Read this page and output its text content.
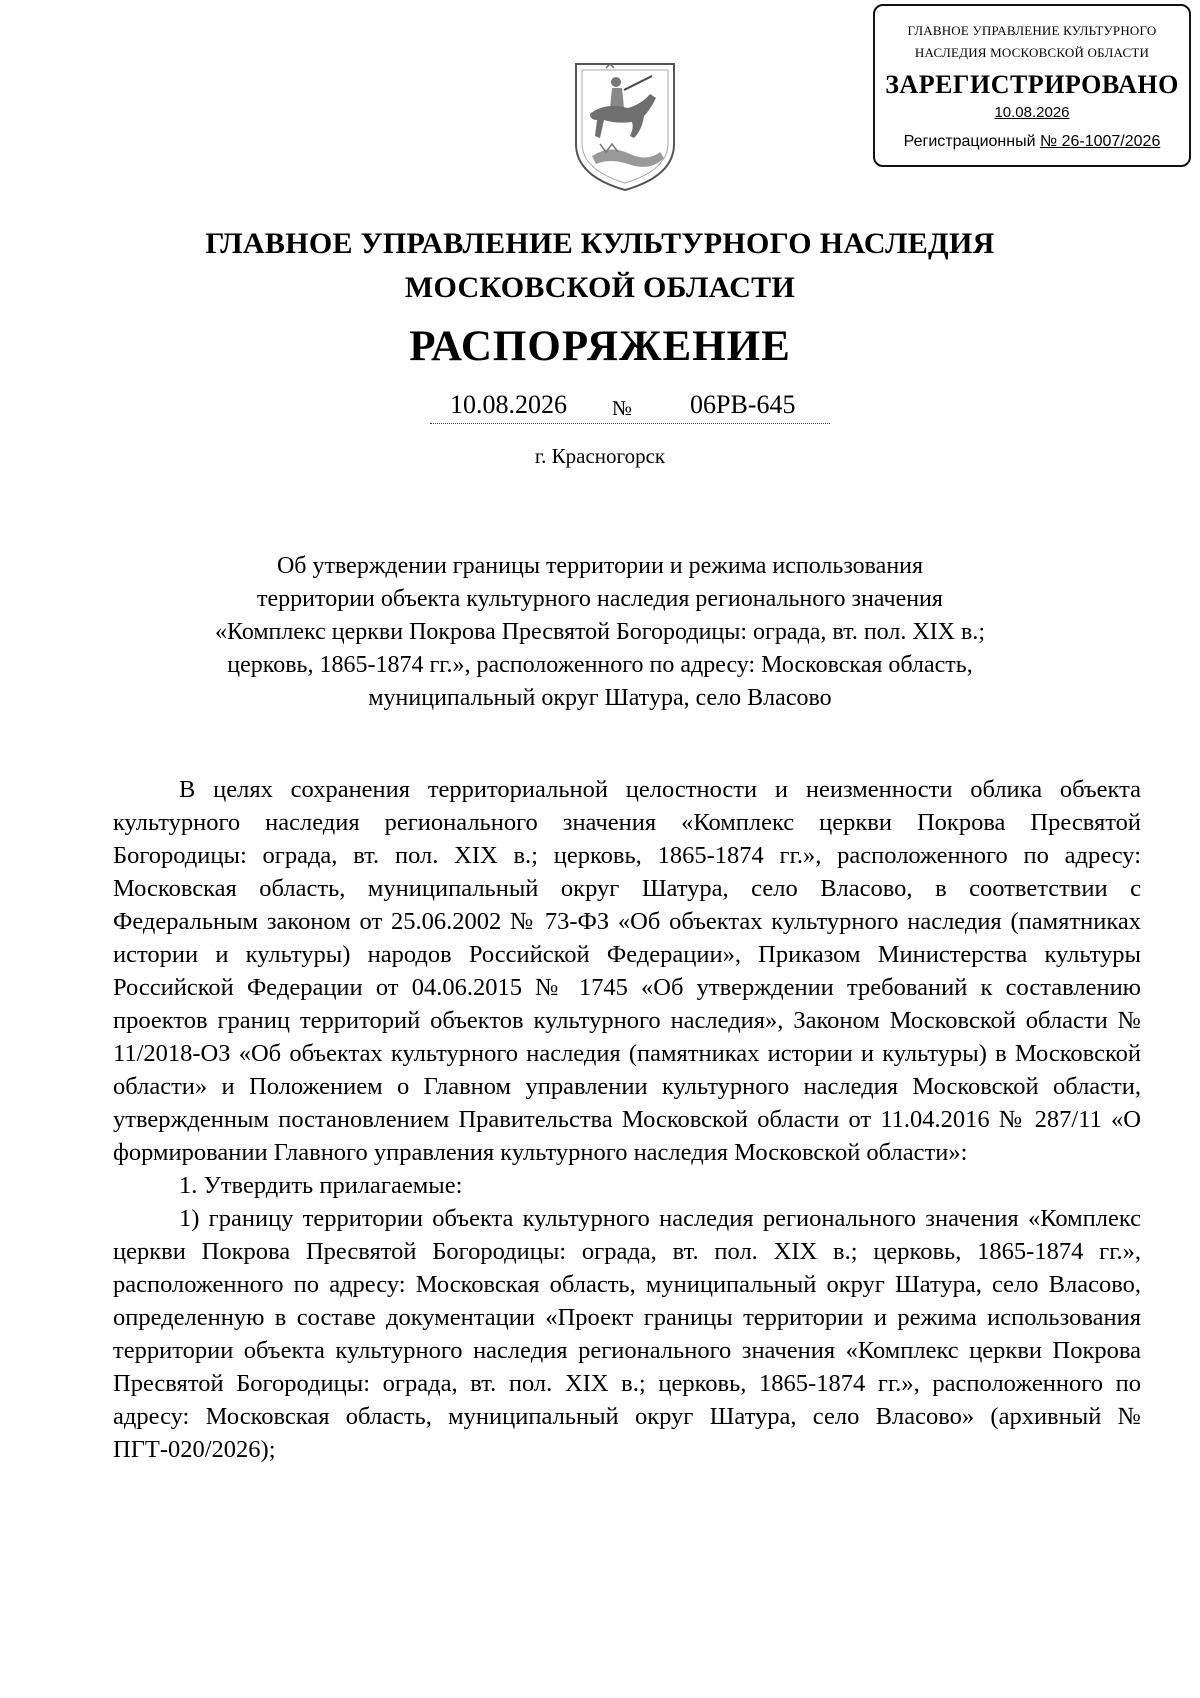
ГЛАВНОЕ УПРАВЛЕНИЕ КУЛЬТУРНОГО
НАСЛЕДИЯ МОСКОВСКОЙ ОБЛАСТИ
ЗАРЕГИСТРИРОВАНО
10.08.2026
Регистрационный № 26-1007/2026
ГЛАВНОЕ УПРАВЛЕНИЕ КУЛЬТУРНОГО НАСЛЕДИЯ
МОСКОВСКОЙ ОБЛАСТИ
РАСПОРЯЖЕНИЕ
10.08.2026 № 06РВ-645
г. Красногорск
Об утверждении границы территории и режима использования
территории объекта культурного наследия регионального значения
«Комплекс церкви Покрова Пресвятой Богородицы: ограда, вт. пол. XIX в.;
церковь, 1865-1874 гг.», расположенного по адресу: Московская область,
муниципальный округ Шатура, село Власово

В целях сохранения территориальной целостности и неизменности облика объекта культурного наследия регионального значения «Комплекс церкви Покрова Пресвятой Богородицы: ограда, вт. пол. XIX в.; церковь, 1865-1874 гг.», расположенного по адресу: Московская область, муниципальный округ Шатура, село Власово, в соответствии с Федеральным законом от 25.06.2002 № 73-ФЗ «Об объектах культурного наследия (памятниках истории и культуры) народов Российской Федерации», Приказом Министерства культуры Российской Федерации от 04.06.2015 № 1745 «Об утверждении требований к составлению проектов границ территорий объектов культурного наследия», Законом Московской области № 11/2018-ОЗ «Об объектах культурного наследия (памятниках истории и культуры) в Московской области» и Положением о Главном управлении культурного наследия Московской области, утвержденным постановлением Правительства Московской области от 11.04.2016 № 287/11 «О формировании Главного управления культурного наследия Московской области»:

1. Утвердить прилагаемые:

1) границу территории объекта культурного наследия регионального значения «Комплекс церкви Покрова Пресвятой Богородицы: ограда, вт. пол. XIX в.; церковь, 1865-1874 гг.», расположенного по адресу: Московская область, муниципальный округ Шатура, село Власово, определенную в составе документации «Проект границы территории и режима использования территории объекта культурного наследия регионального значения «Комплекс церкви Покрова Пресвятой Богородицы: ограда, вт. пол. XIX в.; церковь, 1865-1874 гг.», расположенного по адресу: Московская область, муниципальный округ Шатура, село Власово» (архивный № ПГТ-020/2026);
